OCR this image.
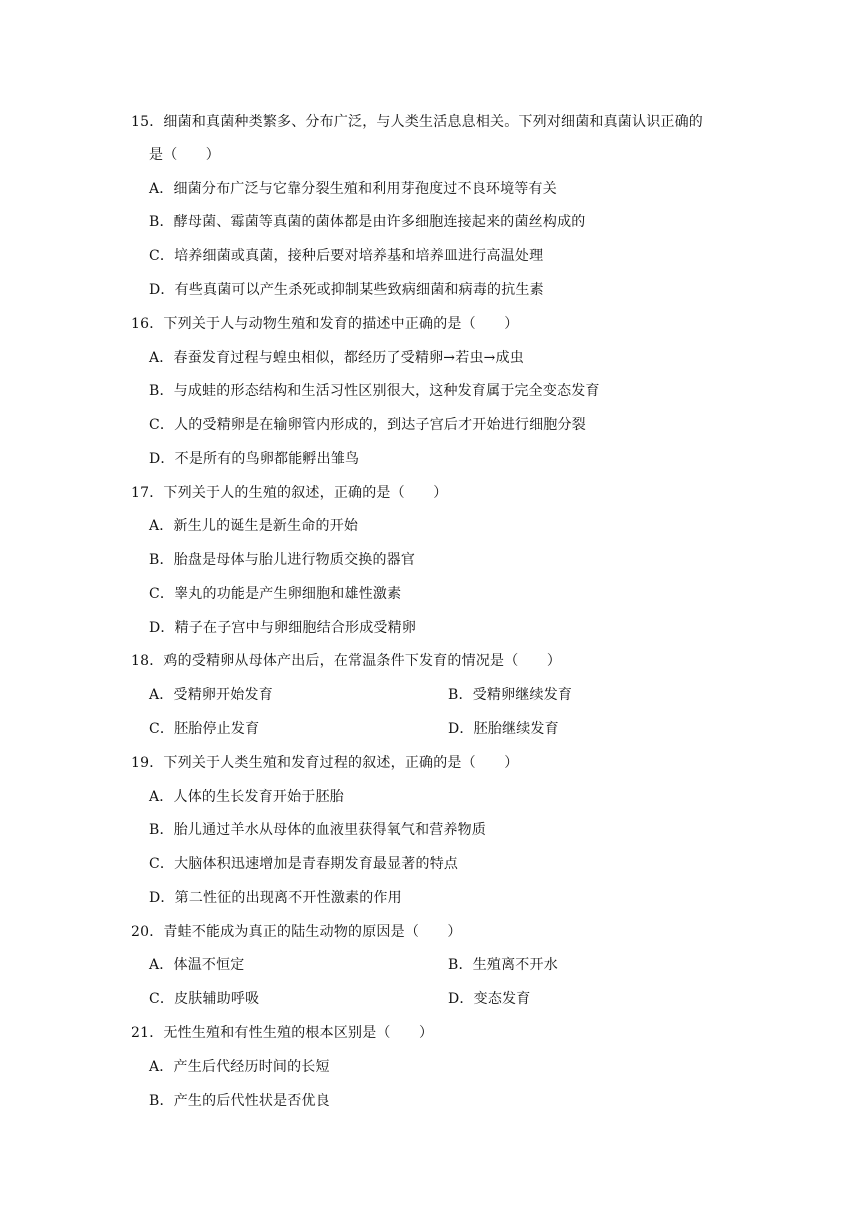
15．细菌和真菌种类繁多、分布广泛，与人类生活息息相关。下列对细菌和真菌认识正确的
是（　　）
A．细菌分布广泛与它靠分裂生殖和利用芽孢度过不良环境等有关
B．酵母菌、霉菌等真菌的菌体都是由许多细胞连接起来的菌丝构成的
C．培养细菌或真菌，接种后要对培养基和培养皿进行高温处理
D．有些真菌可以产生杀死或抑制某些致病细菌和病毒的抗生素
16．下列关于人与动物生殖和发育的描述中正确的是（　　）
A．春蚕发育过程与蝗虫相似，都经历了受精卵→若虫→成虫
B．与成蛙的形态结构和生活习性区别很大，这种发育属于完全变态发育
C．人的受精卵是在输卵管内形成的，到达子宫后才开始进行细胞分裂
D．不是所有的鸟卵都能孵出雏鸟
17．下列关于人的生殖的叙述，正确的是（　　）
A．新生儿的诞生是新生命的开始
B．胎盘是母体与胎儿进行物质交换的器官
C．睾丸的功能是产生卵细胞和雄性激素
D．精子在子宫中与卵细胞结合形成受精卵
18．鸡的受精卵从母体产出后，在常温条件下发育的情况是（　　）
A．受精卵开始发育	B．受精卵继续发育
C．胚胎停止发育	D．胚胎继续发育
19．下列关于人类生殖和发育过程的叙述，正确的是（　　）
A．人体的生长发育开始于胚胎
B．胎儿通过羊水从母体的血液里获得氧气和营养物质
C．大脑体积迅速增加是青春期发育最显著的特点
D．第二性征的出现离不开性激素的作用
20．青蛙不能成为真正的陆生动物的原因是（　　）
A．体温不恒定	B．生殖离不开水
C．皮肤辅助呼吸	D．变态发育
21．无性生殖和有性生殖的根本区别是（　　）
A．产生后代经历时间的长短
B．产生的后代性状是否优良
